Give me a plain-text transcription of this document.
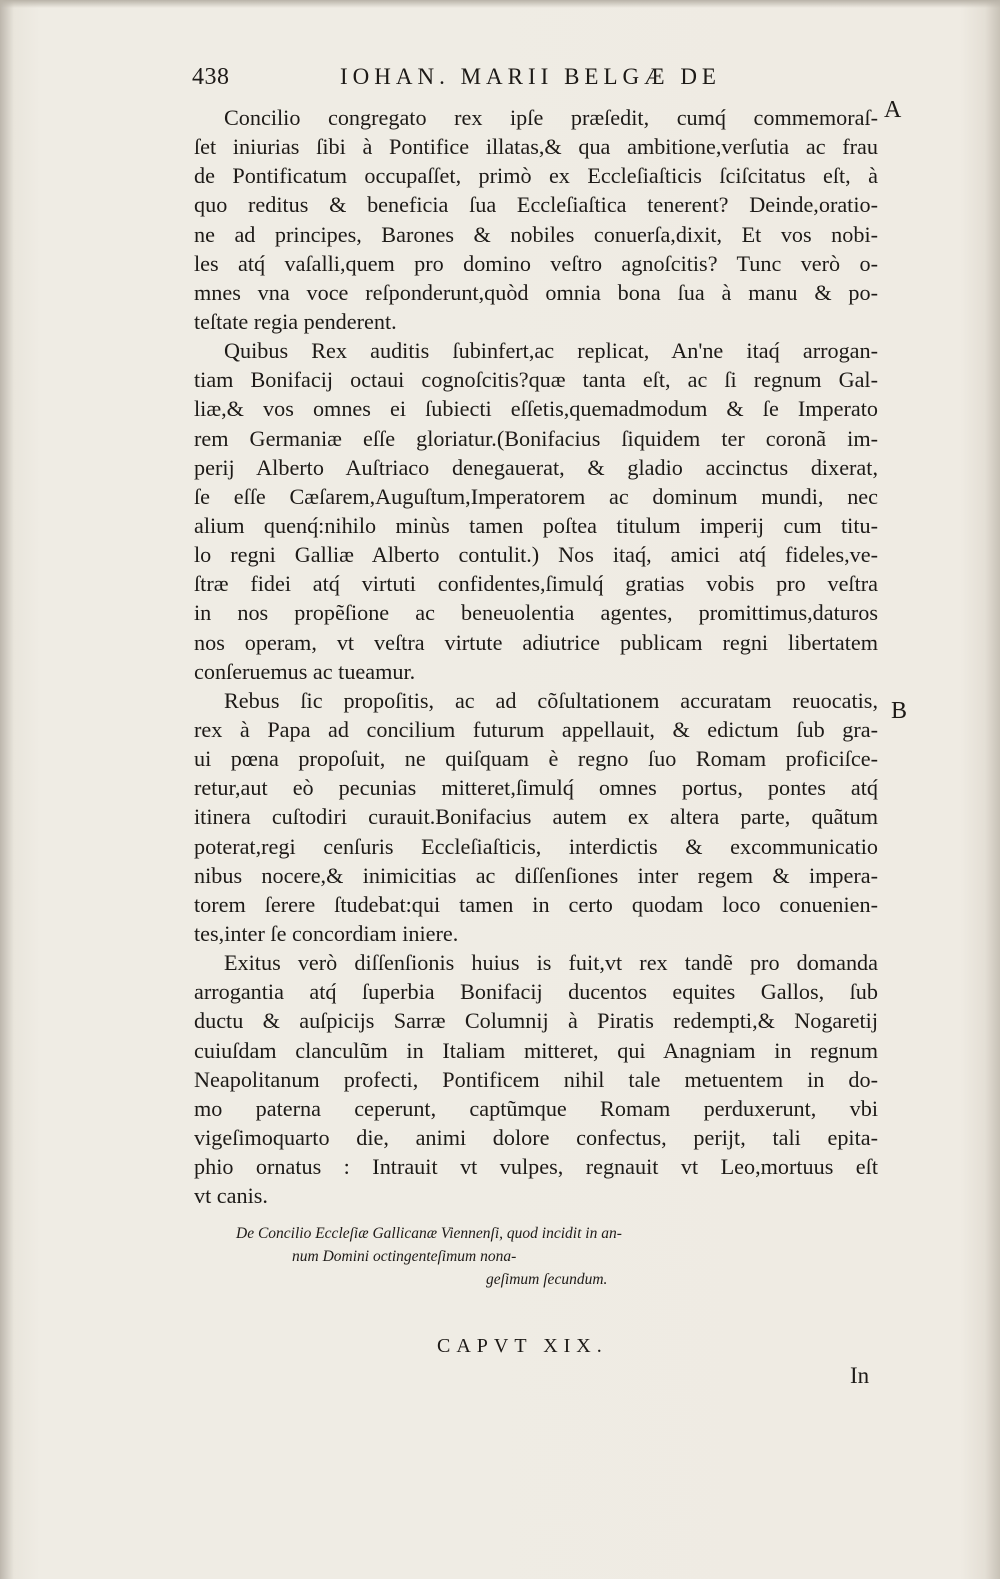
438	IOHAN. MARII BELGÆ DE
A
B
Concilio congregato rex ipſe præſedit, cumq́ commemoraſ-
ſet iniurias ſibi à Pontifice illatas,& qua ambitione,verſutia ac frau
de Pontificatum occupaſſet, primò ex Eccleſiaſticis ſciſcitatus eſt, à
quo reditus & beneficia ſua Eccleſiaſtica tenerent? Deinde,oratio-
ne ad principes, Barones & nobiles conuerſa,dixit, Et vos nobi-
les atq́ vaſalli,quem pro domino veſtro agnoſcitis? Tunc verò o-
mnes vna voce reſponderunt,quòd omnia bona ſua à manu & po-
teſtate regia penderent.
Quibus Rex auditis ſubinfert,ac replicat, An'ne itaq́ arrogan-
tiam Bonifacij octaui cognoſcitis?quæ tanta eſt, ac ſi regnum Gal-
liæ,& vos omnes ei ſubiecti eſſetis,quemadmodum & ſe Imperato
rem Germaniæ eſſe gloriatur.(Bonifacius ſiquidem ter coronã im-
perij Alberto Auſtriaco denegauerat, & gladio accinctus dixerat,
ſe eſſe Cæſarem,Auguſtum,Imperatorem ac dominum mundi, nec
alium quenq́:nihilo minùs tamen poſtea titulum imperij cum titu-
lo regni Galliæ Alberto contulit.) Nos itaq́, amici atq́ fideles,ve-
ſtræ fidei atq́ virtuti confidentes,ſimulq́ gratias vobis pro veſtra
in nos propẽſione ac beneuolentia agentes, promittimus,daturos
nos operam, vt veſtra virtute adiutrice publicam regni libertatem
conſeruemus ac tueamur.
Rebus ſic propoſitis, ac ad cõſultationem accuratam reuocatis,
rex à Papa ad concilium futurum appellauit, & edictum ſub gra-
ui pœna propoſuit, ne quiſquam è regno ſuo Romam proficiſce-
retur,aut eò pecunias mitteret,ſimulq́ omnes portus, pontes atq́
itinera cuſtodiri curauit.Bonifacius autem ex altera parte, quãtum
poterat,regi cenſuris Eccleſiaſticis, interdictis & excommunicatio
nibus nocere,& inimicitias ac diſſenſiones inter regem & impera-
torem ſerere ſtudebat:qui tamen in certo quodam loco conuenien-
tes,inter ſe concordiam iniere.
Exitus verò diſſenſionis huius is fuit,vt rex tandẽ pro domanda
arrogantia atq́ ſuperbia Bonifacij ducentos equites Gallos, ſub
ductu & auſpicijs Sarræ Columnij à Piratis redempti,& Nogaretij
cuiuſdam clanculũm in Italiam mitteret, qui Anagniam in regnum
Neapolitanum profecti, Pontificem nihil tale metuentem in do-
mo paterna ceperunt, captũmque Romam perduxerunt, vbi
vigeſimoquarto die, animi dolore confectus, perijt, tali epita-
phio ornatus : Intrauit vt vulpes, regnauit vt Leo,mortuus eſt
vt canis.
De Concilio Eccleſiæ Gallicanæ Viennenſi, quod incidit in an-
num Domini octingenteſimum nona-
geſimum ſecundum.
CAPVT XIX.
In
